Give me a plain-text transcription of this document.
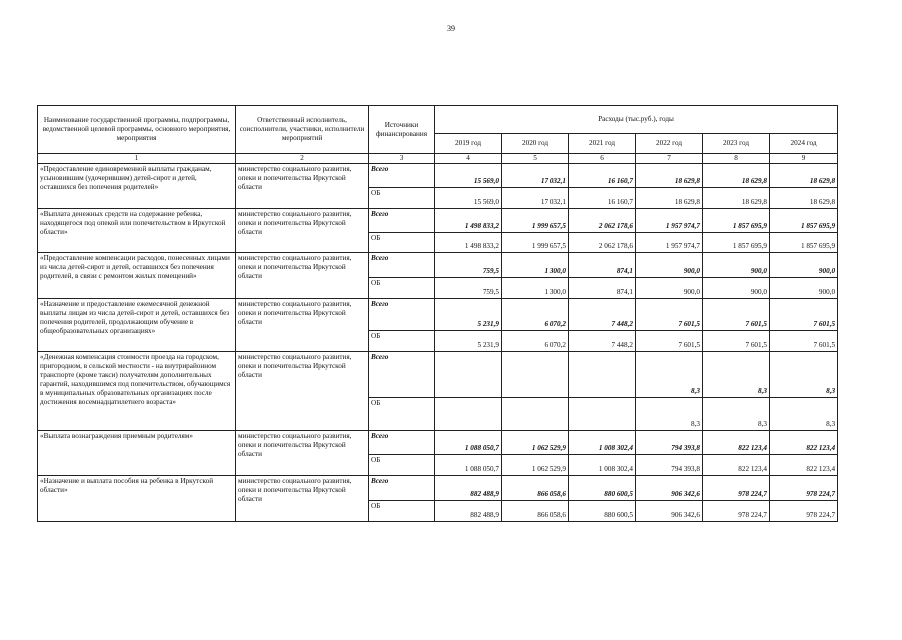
39
Наименование государственной программы, подпрограммы, ведомственной целевой программы, основного мероприятия, мероприятия	Ответственный исполнитель, соисполнители, участники, исполнители мероприятий	Источники финансирования	Расходы (тыс.руб.), годы					
			2019 год	2020 год	2021 год	2022 год	2023 год	2024 год
1	2	3	4	5	6	7	8	9
«Предоставление единовременной выплаты гражданам, усыновившим (удочерившим) детей-сирот и детей, оставшихся без попечения родителей»	министерство социального развития, опеки и попечительства Иркутской области	Всего	15 569,0	17 032,1	16 160,7	18 629,8	18 629,8	18 629,8
		ОБ	15 569,0	17 032,1	16 160,7	18 629,8	18 629,8	18 629,8
«Выплата денежных средств на содержание ребенка, находящегося под опекой или попечительством в Иркутской области»	министерство социального развития, опеки и попечительства Иркутской области	Всего	1 498 833,2	1 999 657,5	2 062 178,6	1 957 974,7	1 857 695,9	1 857 695,9
		ОБ	1 498 833,2	1 999 657,5	2 062 178,6	1 957 974,7	1 857 695,9	1 857 695,9
«Предоставление компенсации расходов, понесенных лицами из числа детей-сирот и детей, оставшихся без попечения родителей, в связи с ремонтом жилых помещений»	министерство социального развития, опеки и попечительства Иркутской области	Всего	759,5	1 300,0	874,1	900,0	900,0	900,0
		ОБ	759,5	1 300,0	874,1	900,0	900,0	900,0
«Назначение и предоставление ежемесячной денежной выплаты лицам из числа детей-сирот и детей, оставшихся без попечения родителей, продолжающим обучение в общеобразовательных организациях»	министерство социального развития, опеки и попечительства Иркутской области	Всего	5 231,9	6 070,2	7 448,2	7 601,5	7 601,5	7 601,5
		ОБ	5 231,9	6 070,2	7 448,2	7 601,5	7 601,5	7 601,5
«Денежная компенсация стоимости проезда на городском, пригородном, в сельской местности - на внутрирайонном транспорте (кроме такси) получателям дополнительных гарантий, находившимся под попечительством, обучающимся в муниципальных образовательных организациях после достижения восемнадцатилетнего возраста»	министерство социального развития, опеки и попечительства Иркутской области	Всего				8,3	8,3	8,3
		ОБ				8,3	8,3	8,3
«Выплата вознаграждения приемным родителям»	министерство социального развития, опеки и попечительства Иркутской области	Всего	1 088 050,7	1 062 529,9	1 008 302,4	794 393,8	822 123,4	822 123,4
		ОБ	1 088 050,7	1 062 529,9	1 008 302,4	794 393,8	822 123,4	822 123,4
«Назначение и выплата пособия на ребенка в Иркутской области»	министерство социального развития, опеки и попечительства Иркутской области	Всего	882 488,9	866 058,6	880 600,5	906 342,6	978 224,7	978 224,7
		ОБ	882 488,9	866 058,6	880 600,5	906 342,6	978 224,7	978 224,7
